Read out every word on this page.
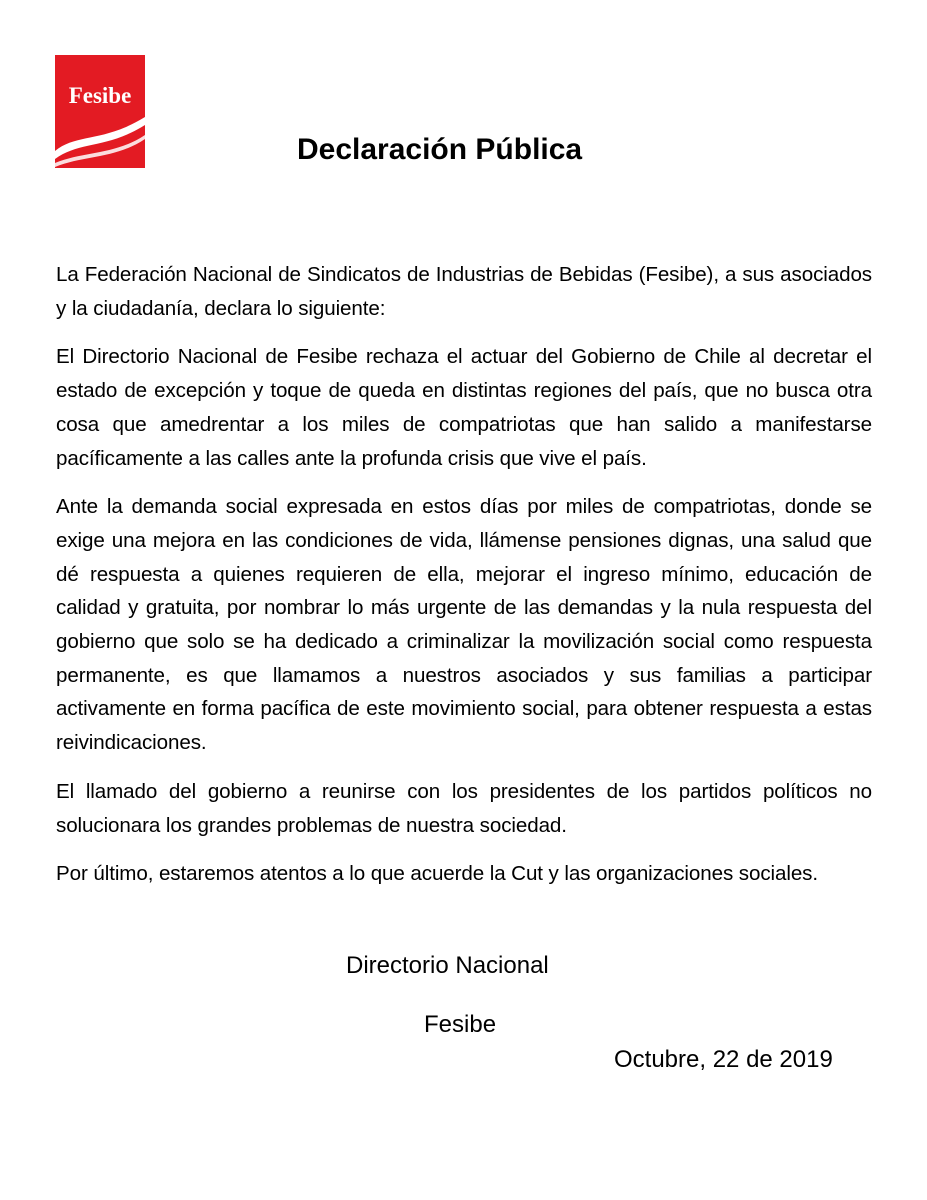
Fesibe
Declaración Pública

La Federación Nacional de Sindicatos de Industrias de Bebidas (Fesibe), a sus asociados y la ciudadanía, declara lo siguiente:

El Directorio Nacional de Fesibe rechaza el actuar del Gobierno de Chile al decretar el estado de excepción y toque de queda en distintas regiones del país, que no busca otra cosa que amedrentar a los miles de compatriotas que han salido a manifestarse pacíficamente a las calles ante la profunda crisis que vive el país.

Ante la demanda social expresada en estos días por miles de compatriotas, donde se exige una mejora en las condiciones de vida, llámense pensiones dignas, una salud que dé respuesta a quienes requieren de ella, mejorar el ingreso mínimo, educación de calidad y gratuita, por nombrar lo más urgente de las demandas y la nula respuesta del gobierno que solo se ha dedicado a criminalizar la movilización social como respuesta permanente, es que llamamos a nuestros asociados y sus familias a participar activamente en forma pacífica de este movimiento social, para obtener respuesta a estas reivindicaciones.

El llamado del gobierno a reunirse con los presidentes de los partidos políticos no solucionara los grandes problemas de nuestra sociedad.

Por último, estaremos atentos a lo que acuerde la Cut y las organizaciones sociales.

Directorio Nacional
Fesibe
Octubre, 22 de 2019
